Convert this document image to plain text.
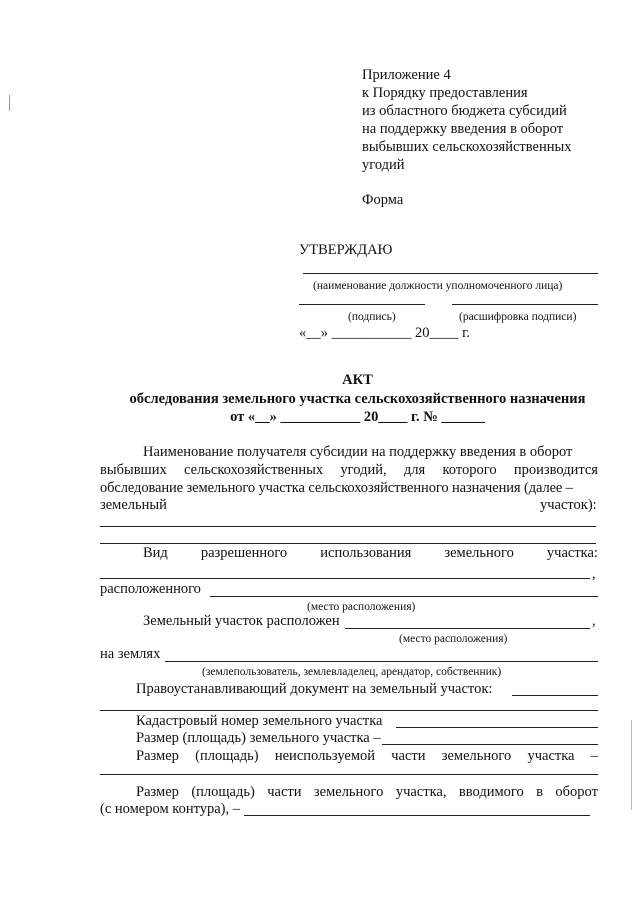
Приложение 4
к Порядку предоставления
из областного бюджета субсидий
на поддержку введения в оборот
выбывших сельскохозяйственных
угодий
Форма
УТВЕРЖДАЮ
(наименование должности уполномоченного лица)
(подпись)	(расшифровка подписи)
«__» ___________ 20____ г.
АКТ
обследования земельного участка сельскохозяйственного назначения
от «__» ___________ 20____ г. № ______
Наименование получателя субсидии на поддержку введения в оборот
выбывших сельскохозяйственных угодий, для которого производится
обследование земельного участка сельскохозяйственного назначения (далее –
земельный	участок):
Вид разрешенного использования земельного участка:
,
расположенного
(место расположения)
Земельный участок расположен	,
(место расположения)
на землях
(землепользователь, землевладелец, арендатор, собственник)
Правоустанавливающий документ на земельный участок:
Кадастровый номер земельного участка
Размер (площадь) земельного участка –
Размер (площадь) неиспользуемой части земельного участка –
Размер (площадь) части земельного участка, вводимого в оборот
(с номером контура), –
